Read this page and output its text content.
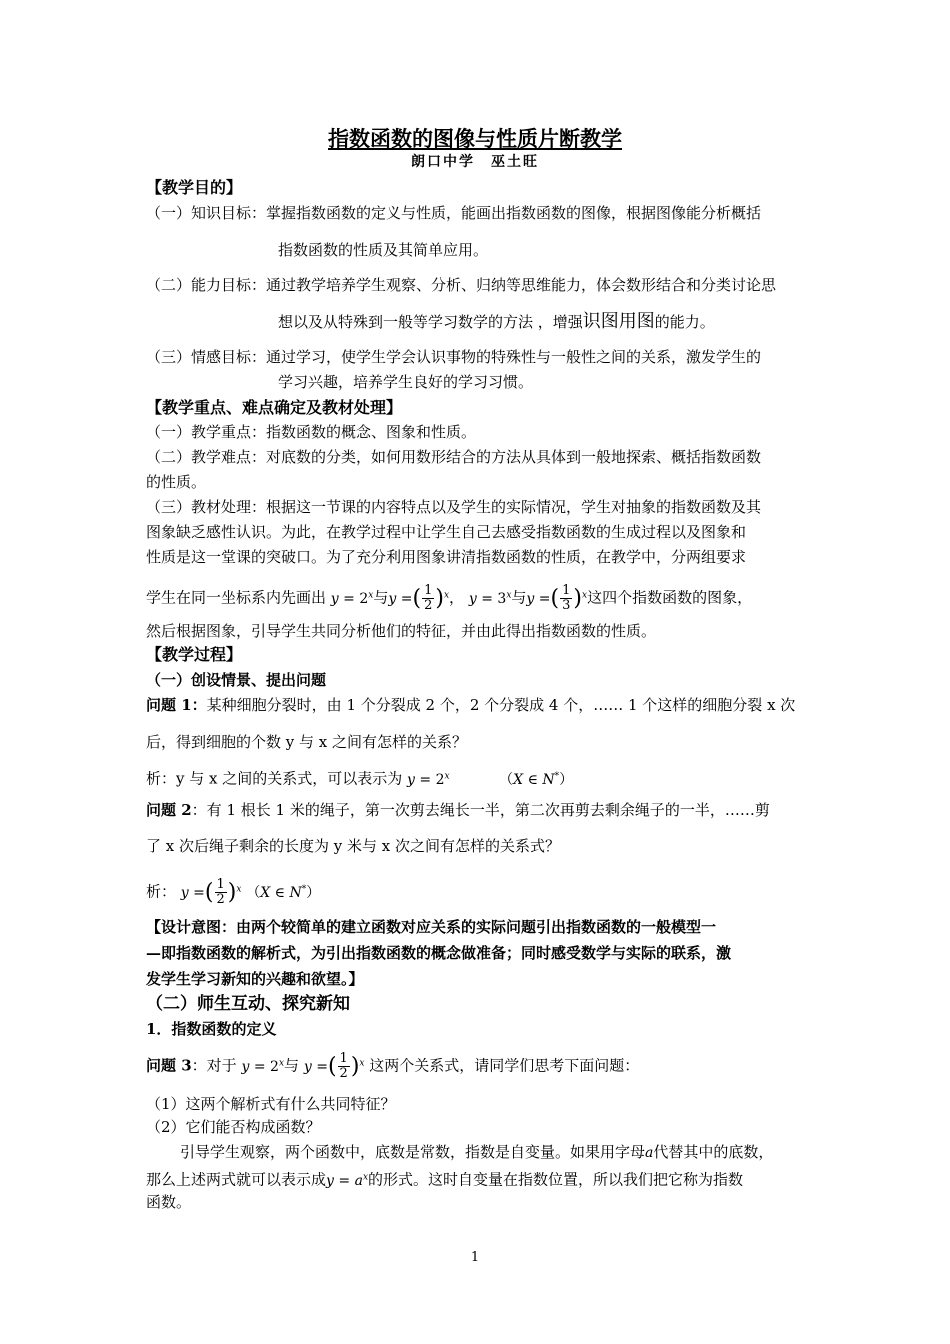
指数函数的图像与性质片断教学
朗口中学　巫土旺
【教学目的】
（一）知识目标：掌握指数函数的定义与性质，能画出指数函数的图像，根据图像能分析概括
指数函数的性质及其简单应用。
（二）能力目标：通过教学培养学生观察、分析、归纳等思维能力，体会数形结合和分类讨论思
想以及从特殊到一般等学习数学的方法 ，增强识图用图的能力。
（三）情感目标：通过学习，使学生学会认识事物的特殊性与一般性之间的关系，激发学生的
学习兴趣，培养学生良好的学习习惯。
【教学重点、难点确定及教材处理】
（一）教学重点：指数函数的概念、图象和性质。
（二）教学难点：对底数的分类，如何用数形结合的方法从具体到一般地探索、概括指数函数
的性质。
（三）教材处理：根据这一节课的内容特点以及学生的实际情况，学生对抽象的指数函数及其
图象缺乏感性认识。为此，在教学过程中让学生自己去感受指数函数的生成过程以及图象和
性质是这一堂课的突破口。为了充分利用图象讲清指数函数的性质，在教学中，分两组要求
学生在同一坐标系内先画出 $y = 2^x$与y =( $\frac{1}{2} )^x$， $y = 3^x$与y =( $\frac{1}{3} )^x$这四个指数函数的图象，
然后根据图象，引导学生共同分析他们的特征，并由此得出指数函数的性质。
【教学过程】
（一）创设情景、提出问题
问题 1：某种细胞分裂时，由 1 个分裂成 2 个，2 个分裂成 4 个，…… 1 个这样的细胞分裂 x 次
后，得到细胞的个数 y 与 x 之间有怎样的关系？
析：y 与 x 之间的关系式，可以表示为 $y = 2^x$	（X ∈ N*）
问题 2：有 1 根长 1 米的绳子，第一次剪去绳长一半，第二次再剪去剩余绳子的一半，……剪
了 x 次后绳子剩余的长度为 y 米与 x 次之间有怎样的关系式？
析： y =( $\frac{1}{2} )^x$ （X ∈ N*）
【设计意图：由两个较简单的建立函数对应关系的实际问题引出指数函数的一般模型一
—即指数函数的解析式，为引出指数函数的概念做准备；同时感受数学与实际的联系，激
发学生学习新知的兴趣和欲望。】
（二）师生互动、探究新知
1．指数函数的定义
问题 3：对于 $y = 2^x$与 y =( $\frac{1}{2} )^x$ 这两个关系式，请同学们思考下面问题：
（1）这两个解析式有什么共同特征？
（2）它们能否构成函数？
引导学生观察，两个函数中，底数是常数，指数是自变量。如果用字母a代替其中的底数，
那么上述两式就可以表示成$y = a^x$的形式。这时自变量在指数位置，所以我们把它称为指数
函数。
1
